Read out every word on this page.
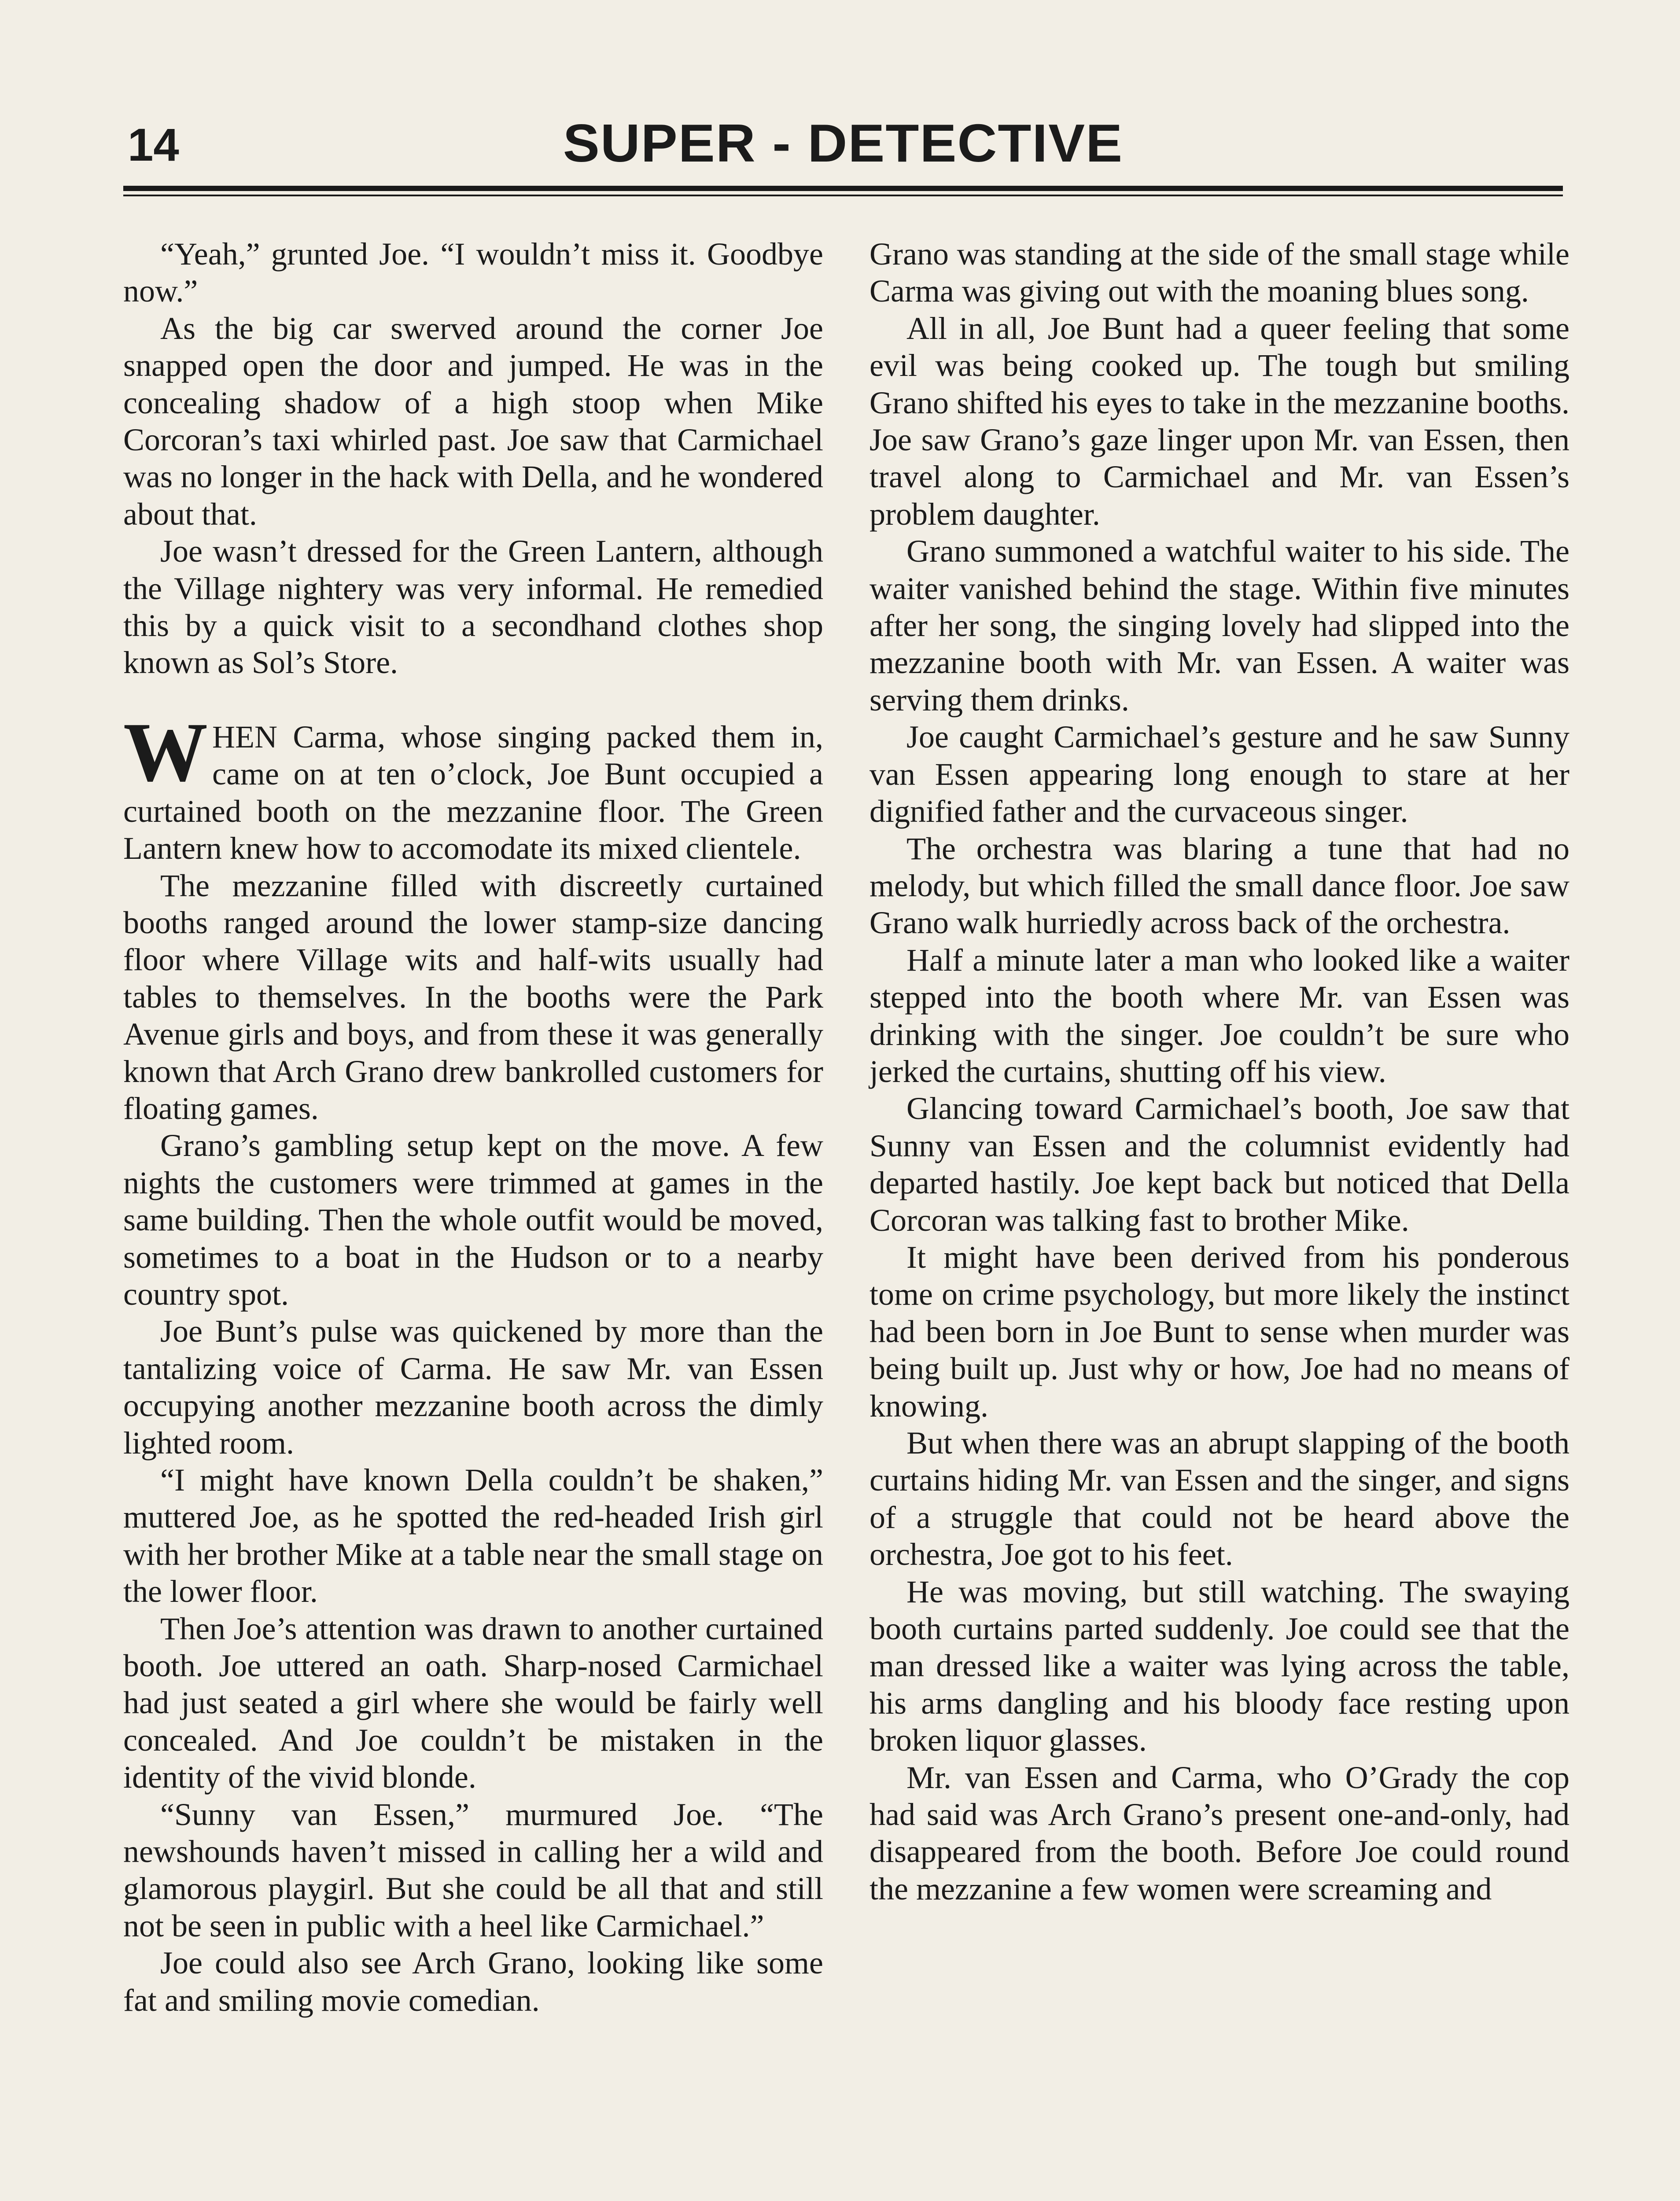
14	SUPER - DETECTIVE

“Yeah,” grunted Joe. “I wouldn’t miss it. Goodbye now.”

As the big car swerved around the corner Joe snapped open the door and jumped. He was in the concealing shadow of a high stoop when Mike Corcoran’s taxi whirled past. Joe saw that Carmichael was no longer in the hack with Della, and he wondered about that.

Joe wasn’t dressed for the Green Lantern, although the Village nightery was very informal. He remedied this by a quick visit to a secondhand clothes shop known as Sol’s Store.

WHEN Carma, whose singing packed them in, came on at ten o’clock, Joe Bunt occupied a curtained booth on the mezzanine floor. The Green Lantern knew how to accomodate its mixed clientele.

The mezzanine filled with discreetly curtained booths ranged around the lower stamp-size dancing floor where Village wits and half-wits usually had tables to themselves. In the booths were the Park Avenue girls and boys, and from these it was generally known that Arch Grano drew bankrolled customers for floating games.

Grano’s gambling setup kept on the move. A few nights the customers were trimmed at games in the same building. Then the whole outfit would be moved, sometimes to a boat in the Hudson or to a nearby country spot.

Joe Bunt’s pulse was quickened by more than the tantalizing voice of Carma. He saw Mr. van Essen occupying another mezzanine booth across the dimly lighted room.

“I might have known Della couldn’t be shaken,” muttered Joe, as he spotted the red-headed Irish girl with her brother Mike at a table near the small stage on the lower floor.

Then Joe’s attention was drawn to another curtained booth. Joe uttered an oath. Sharp-nosed Carmichael had just seated a girl where she would be fairly well concealed. And Joe couldn’t be mistaken in the identity of the vivid blonde.

“Sunny van Essen,” murmured Joe. “The newshounds haven’t missed in calling her a wild and glamorous playgirl. But she could be all that and still not be seen in public with a heel like Carmichael.”

Joe could also see Arch Grano, looking like some fat and smiling movie comedian.

Grano was standing at the side of the small stage while Carma was giving out with the moaning blues song.

All in all, Joe Bunt had a queer feeling that some evil was being cooked up. The tough but smiling Grano shifted his eyes to take in the mezzanine booths. Joe saw Grano’s gaze linger upon Mr. van Essen, then travel along to Carmichael and Mr. van Essen’s problem daughter.

Grano summoned a watchful waiter to his side. The waiter vanished behind the stage. Within five minutes after her song, the singing lovely had slipped into the mezzanine booth with Mr. van Essen. A waiter was serving them drinks.

Joe caught Carmichael’s gesture and he saw Sunny van Essen appearing long enough to stare at her dignified father and the curvaceous singer.

The orchestra was blaring a tune that had no melody, but which filled the small dance floor. Joe saw Grano walk hurriedly across back of the orchestra.

Half a minute later a man who looked like a waiter stepped into the booth where Mr. van Essen was drinking with the singer. Joe couldn’t be sure who jerked the curtains, shutting off his view.

Glancing toward Carmichael’s booth, Joe saw that Sunny van Essen and the columnist evidently had departed hastily. Joe kept back but noticed that Della Corcoran was talking fast to brother Mike.

It might have been derived from his ponderous tome on crime psychology, but more likely the instinct had been born in Joe Bunt to sense when murder was being built up. Just why or how, Joe had no means of knowing.

But when there was an abrupt slapping of the booth curtains hiding Mr. van Essen and the singer, and signs of a struggle that could not be heard above the orchestra, Joe got to his feet.

He was moving, but still watching. The swaying booth curtains parted suddenly. Joe could see that the man dressed like a waiter was lying across the table, his arms dangling and his bloody face resting upon broken liquor glasses.

Mr. van Essen and Carma, who O’Grady the cop had said was Arch Grano’s present one-and-only, had disappeared from the booth. Before Joe could round the mezzanine a few women were screaming and
